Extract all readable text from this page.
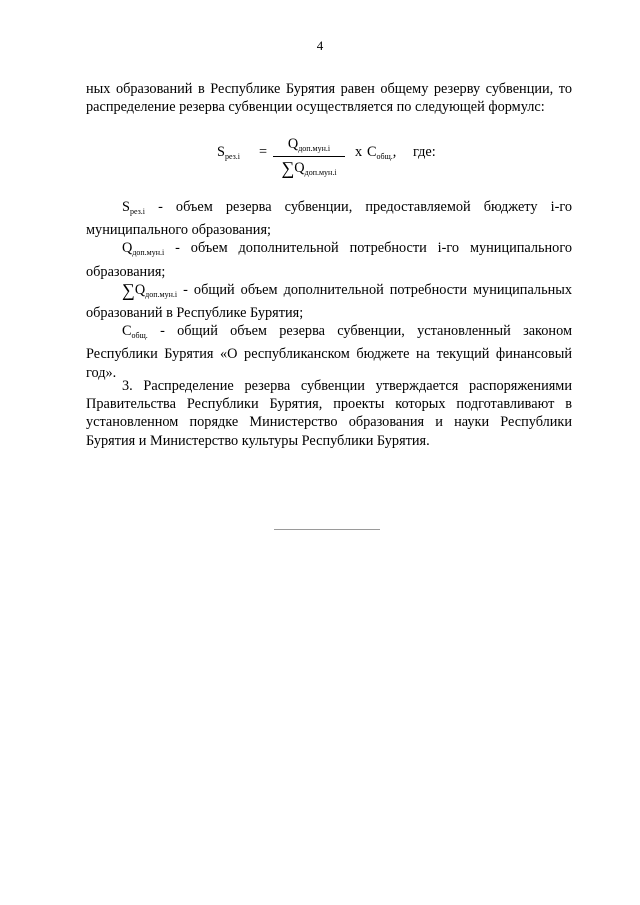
4
ных образований в Республике Бурятия равен общему резерву субвенции, то распределение резерва субвенции осуществляется по следующей формулс:
$S_{рез.i}$ =	$Q_{доп.мун.i}$
$\sum Q_{доп.мун.i}$
x $C_{общ.}$, где:
$S_{рез.i}$ - объем резерва субвенции, предоставляемой бюджету i-го муниципального образования;
$Q_{доп.мун.i}$ - объем дополнительной потребности i-го муниципального образования;
$\sum Q_{доп.мун.i}$ - общий объем дополнительной потребности муниципальных образований в Республике Бурятия;
$C_{общ.}$ - общий объем резерва субвенции, установленный законом Республики Бурятия «О республиканском бюджете на текущий финансовый год».
3. Распределение резерва субвенции утверждается распоряжениями Правительства Республики Бурятия, проекты которых подготавливают в установленном порядке Министерство образования и науки Республики Бурятия и Министерство культуры Республики Бурятия.
